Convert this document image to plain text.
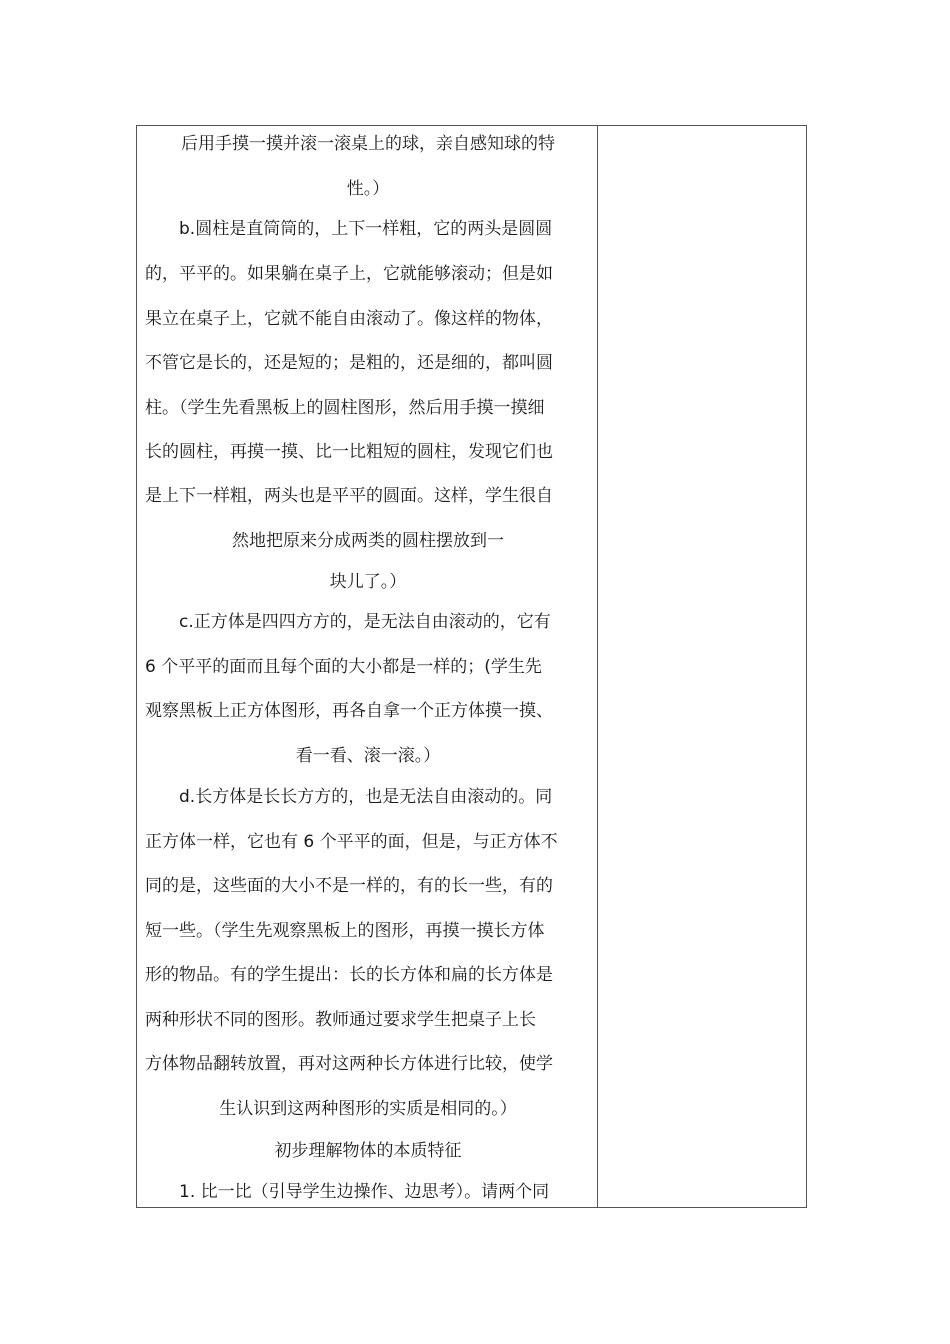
后用手摸一摸并滚一滚桌上的球，亲自感知球的特
性。）
b.圆柱是直筒筒的，上下一样粗，它的两头是圆圆
的，平平的。如果躺在桌子上，它就能够滚动；但是如
果立在桌子上，它就不能自由滚动了。像这样的物体，
不管它是长的，还是短的；是粗的，还是细的，都叫圆
柱。（学生先看黑板上的圆柱图形，然后用手摸一摸细
长的圆柱，再摸一摸、比一比粗短的圆柱，发现它们也
是上下一样粗，两头也是平平的圆面。这样，学生很自
然地把原来分成两类的圆柱摆放到一
块儿了。）
c.正方体是四四方方的，是无法自由滚动的，它有
6 个平平的面而且每个面的大小都是一样的；(学生先
观察黑板上正方体图形，再各自拿一个正方体摸一摸、
看一看、滚一滚。）
d.长方体是长长方方的，也是无法自由滚动的。同
正方体一样，它也有 6 个平平的面，但是，与正方体不
同的是，这些面的大小不是一样的，有的长一些，有的
短一些。（学生先观察黑板上的图形，再摸一摸长方体
形的物品。有的学生提出：长的长方体和扁的长方体是
两种形状不同的图形。教师通过要求学生把桌子上长
方体物品翻转放置，再对这两种长方体进行比较，使学
生认识到这两种图形的实质是相同的。）
初步理解物体的本质特征
1. 比一比（引导学生边操作、边思考）。请两个同
